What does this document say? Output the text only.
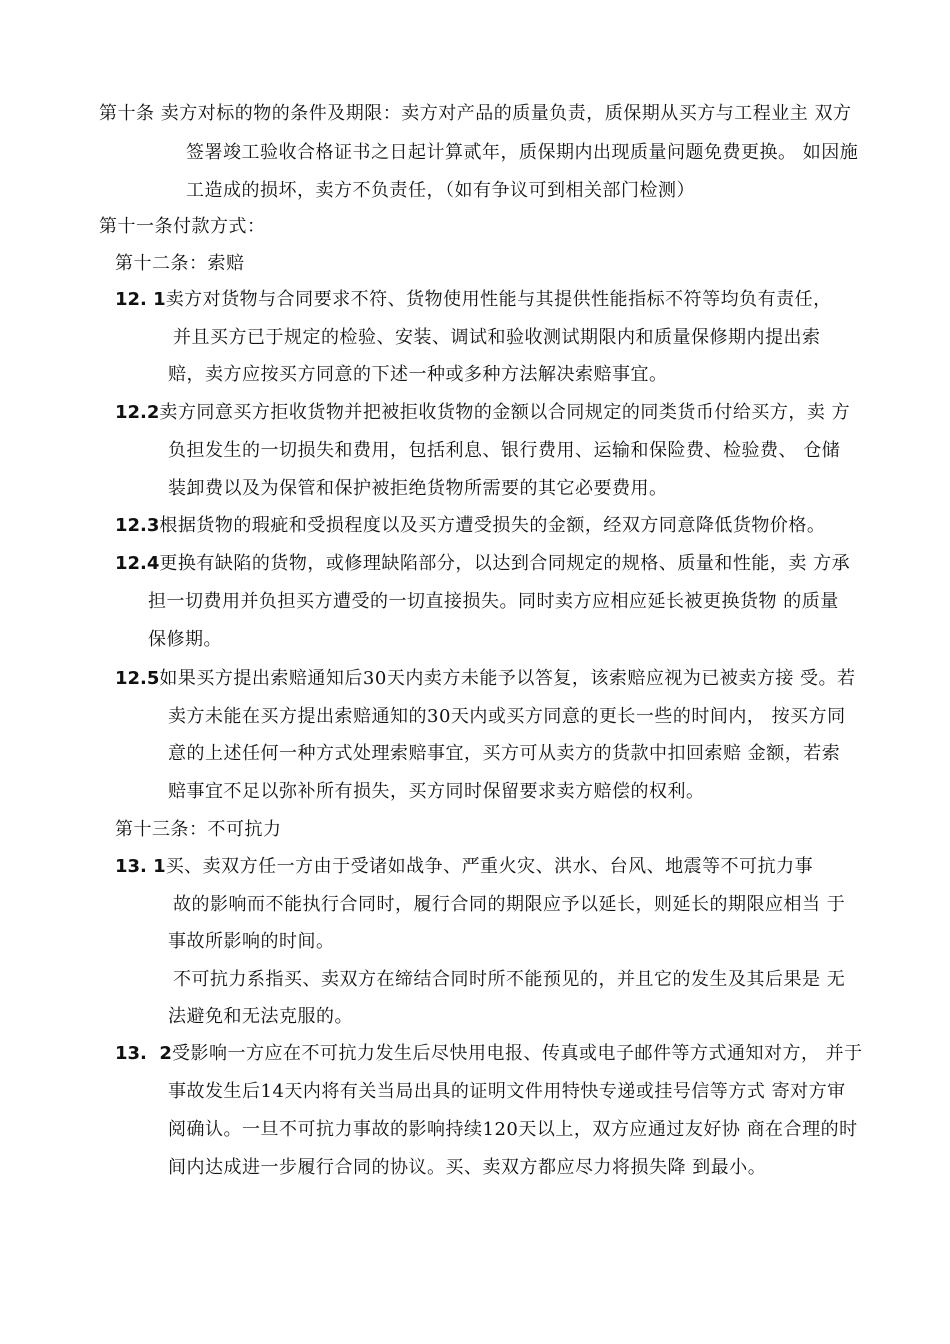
第十条 卖方对标的物的条件及期限：卖方对产品的质量负责，质保期从买方与工程业主 双方
签署竣工验收合格证书之日起计算贰年，质保期内出现质量问题免费更换。 如因施
工造成的损坏，卖方不负责任，（如有争议可到相关部门检测）
第十一条付款方式：
第十二条：索赔
12. 1卖方对货物与合同要求不符、货物使用性能与其提供性能指标不符等均负有责任，
并且买方已于规定的检验、安装、调试和验收测试期限内和质量保修期内提出索
赔，卖方应按买方同意的下述一种或多种方法解决索赔事宜。
12.2卖方同意买方拒收货物并把被拒收货物的金额以合同规定的同类货币付给买方，卖 方
负担发生的一切损失和费用，包括利息、银行费用、运输和保险费、检验费、 仓储
装卸费以及为保管和保护被拒绝货物所需要的其它必要费用。
12.3根据货物的瑕疵和受损程度以及买方遭受损失的金额，经双方同意降低货物价格。
12.4更换有缺陷的货物，或修理缺陷部分，以达到合同规定的规格、质量和性能，卖 方承
担一切费用并负担买方遭受的一切直接损失。同时卖方应相应延长被更换货物 的质量
保修期。
12.5如果买方提出索赔通知后30天内卖方未能予以答复，该索赔应视为已被卖方接 受。若
卖方未能在买方提出索赔通知的30天内或买方同意的更长一些的时间内， 按买方同
意的上述任何一种方式处理索赔事宜，买方可从卖方的货款中扣回索赔 金额，若索
赔事宜不足以弥补所有损失，买方同时保留要求卖方赔偿的权利。
第十三条：不可抗力
13. 1买、卖双方任一方由于受诸如战争、严重火灾、洪水、台风、地震等不可抗力事
故的影响而不能执行合同时，履行合同的期限应予以延长，则延长的期限应相当 于
事故所影响的时间。
不可抗力系指买、卖双方在缔结合同时所不能预见的，并且它的发生及其后果是 无
法避免和无法克服的。
13.  2受影响一方应在不可抗力发生后尽快用电报、传真或电子邮件等方式通知对方， 并于
事故发生后14天内将有关当局出具的证明文件用特快专递或挂号信等方式 寄对方审
阅确认。一旦不可抗力事故的影响持续120天以上，双方应通过友好协 商在合理的时
间内达成进一步履行合同的协议。买、卖双方都应尽力将损失降 到最小。
